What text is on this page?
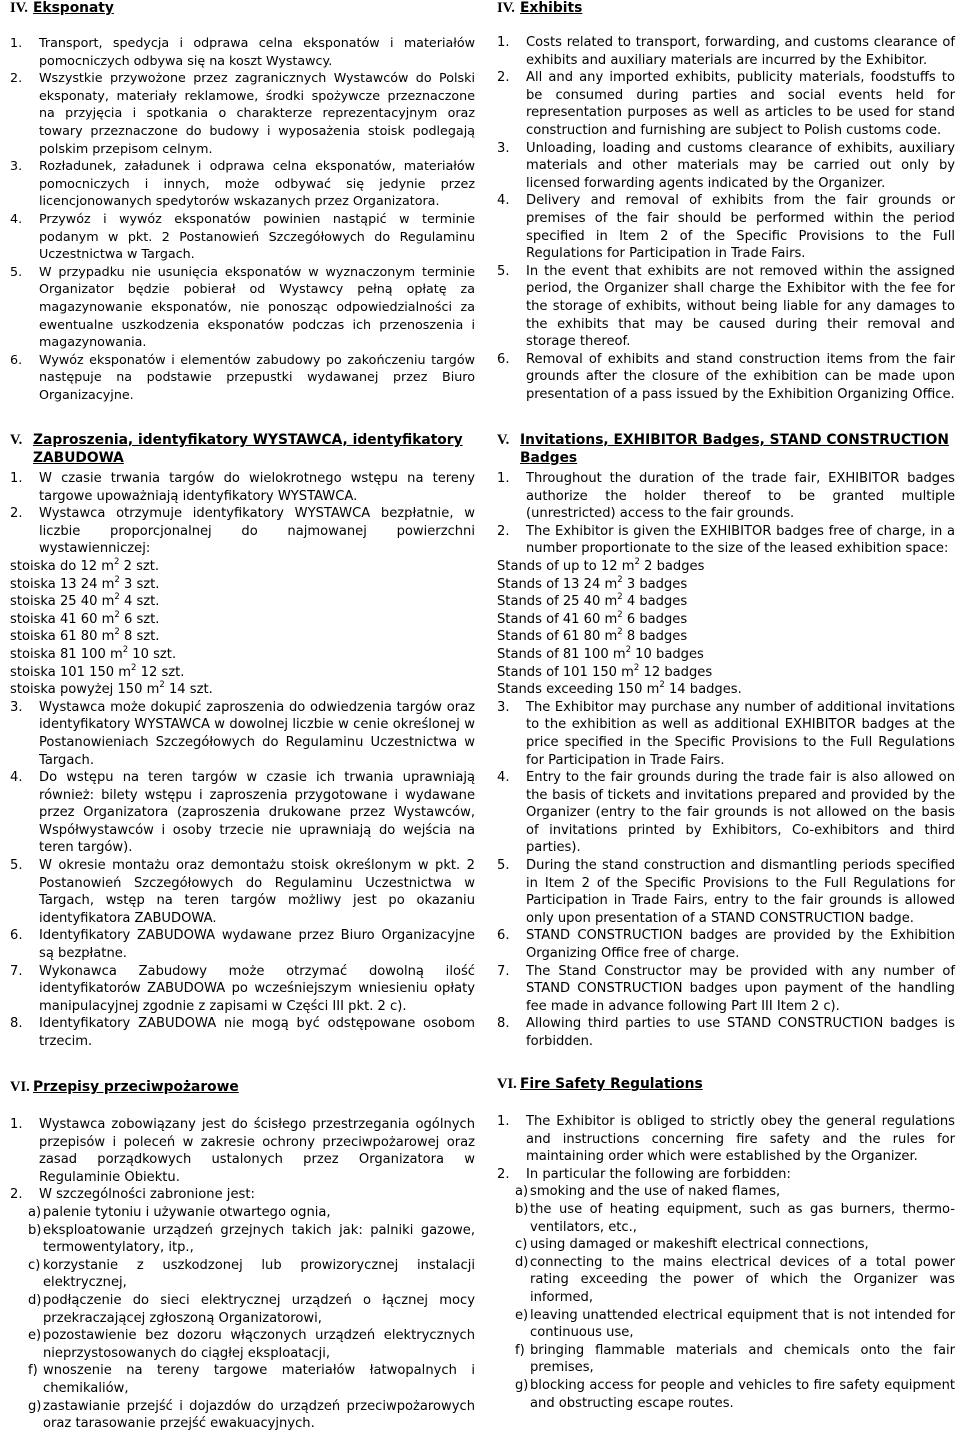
IV. Eksponaty
1. Transport, spedycja i odprawa celna eksponatów i materiałów pomocniczych odbywa się na koszt Wystawcy.
2. Wszystkie przywożone przez zagranicznych Wystawców do Polski eksponaty, materiały reklamowe, środki spożywcze przeznaczone na przyjęcia i spotkania o charakterze reprezentacyjnym oraz towary przeznaczone do budowy i wyposażenia stoisk podlegają polskim przepisom celnym.
3. Rozładunek, załadunek i odprawa celna eksponatów, materiałów pomocniczych i innych, może odbywać się jedynie przez licencjonowanych spedytorów wskazanych przez Organizatora.
4. Przywóz i wywóz eksponatów powinien nastąpić w terminie podanym w pkt. 2 Postanowień Szczegółowych do Regulaminu Uczestnictwa w Targach.
5. W przypadku nie usunięcia eksponatów w wyznaczonym terminie Organizator będzie pobierał od Wystawcy pełną opłatę za magazynowanie eksponatów, nie ponosząc odpowiedzialności za ewentualne uszkodzenia eksponatów podczas ich przenoszenia i magazynowania.
6. Wywóz eksponatów i elementów zabudowy po zakończeniu targów następuje na podstawie przepustki wydawanej przez Biuro Organizacyjne.
V. Zaproszenia, identyfikatory WYSTAWCA, identyfikatory ZABUDOWA
1. W czasie trwania targów do wielokrotnego wstępu na tereny targowe upoważniają identyfikatory WYSTAWCA.
2. Wystawca otrzymuje identyfikatory WYSTAWCA bezpłatnie, w liczbie proporcjonalnej do najmowanej powierzchni wystawienniczej:
stoiska do 12 $m^2$ 2 szt.
stoiska 13 24 $m^2$ 3 szt.
stoiska 25 40 $m^2$ 4 szt.
stoiska 41 60 $m^2$ 6 szt.
stoiska 61 80 $m^2$ 8 szt.
stoiska 81 100 $m^2$ 10 szt.
stoiska 101 150 $m^2$ 12 szt.
stoiska powyżej 150 $m^2$ 14 szt.
3. Wystawca może dokupić zaproszenia do odwiedzenia targów oraz identyfikatory WYSTAWCA w dowolnej liczbie w cenie określonej w Postanowieniach Szczegółowych do Regulaminu Uczestnictwa w Targach.
4. Do wstępu na teren targów w czasie ich trwania uprawniają również: bilety wstępu i zaproszenia przygotowane i wydawane przez Organizatora (zaproszenia drukowane przez Wystawców, Współwystawców i osoby trzecie nie uprawniają do wejścia na teren targów).
5. W okresie montażu oraz demontażu stoisk określonym w pkt. 2 Postanowień Szczegółowych do Regulaminu Uczestnictwa w Targach, wstęp na teren targów możliwy jest po okazaniu identyfikatora ZABUDOWA.
6. Identyfikatory ZABUDOWA wydawane przez Biuro Organizacyjne są bezpłatne.
7. Wykonawca Zabudowy może otrzymać dowolną ilość identyfikatorów ZABUDOWA po wcześniejszym wniesieniu opłaty manipulacyjnej zgodnie z zapisami w Części III pkt. 2 c).
8. Identyfikatory ZABUDOWA nie mogą być odstępowane osobom trzecim.
VI. Przepisy przeciwpożarowe
1. Wystawca zobowiązany jest do ścisłego przestrzegania ogólnych przepisów i poleceń w zakresie ochrony przeciwpożarowej oraz zasad porządkowych ustalonych przez Organizatora w Regulaminie Obiektu.
2. W szczególności zabronione jest:
a) palenie tytoniu i używanie otwartego ognia,
b) eksploatowanie urządzeń grzejnych takich jak: palniki gazowe, termowentylatory, itp.,
c) korzystanie z uszkodzonej lub prowizorycznej instalacji elektrycznej,
d) podłączenie do sieci elektrycznej urządzeń o łącznej mocy przekraczającej zgłoszoną Organizatorowi,
e) pozostawienie bez dozoru włączonych urządzeń elektrycznych nieprzystosowanych do ciągłej eksploatacji,
f) wnoszenie na tereny targowe materiałów łatwopalnych i chemikaliów,
g) zastawianie przejść i dojazdów do urządzeń przeciwpożarowych oraz tarasowanie przejść ewakuacyjnych.
IV. Exhibits
1. Costs related to transport, forwarding, and customs clearance of exhibits and auxiliary materials are incurred by the Exhibitor.
2. All and any imported exhibits, publicity materials, foodstuffs to be consumed during parties and social events held for representation purposes as well as articles to be used for stand construction and furnishing are subject to Polish customs code.
3. Unloading, loading and customs clearance of exhibits, auxiliary materials and other materials may be carried out only by licensed forwarding agents indicated by the Organizer.
4. Delivery and removal of exhibits from the fair grounds or premises of the fair should be performed within the period specified in Item 2 of the Specific Provisions to the Full Regulations for Participation in Trade Fairs.
5. In the event that exhibits are not removed within the assigned period, the Organizer shall charge the Exhibitor with the fee for the storage of exhibits, without being liable for any damages to the exhibits that may be caused during their removal and storage thereof.
6. Removal of exhibits and stand construction items from the fair grounds after the closure of the exhibition can be made upon presentation of a pass issued by the Exhibition Organizing Office.
V. Invitations, EXHIBITOR Badges, STAND CONSTRUCTION Badges
1. Throughout the duration of the trade fair, EXHIBITOR badges authorize the holder thereof to be granted multiple (unrestricted) access to the fair grounds.
2. The Exhibitor is given the EXHIBITOR badges free of charge, in a number proportionate to the size of the leased exhibition space:
Stands of up to 12 $m^2$ 2 badges
Stands of 13 24 $m^2$ 3 badges
Stands of 25 40 $m^2$ 4 badges
Stands of 41 60 $m^2$ 6 badges
Stands of 61 80 $m^2$ 8 badges
Stands of 81 100 $m^2$ 10 badges
Stands of 101 150 $m^2$ 12 badges
Stands exceeding 150 $m^2$ 14 badges.
3. The Exhibitor may purchase any number of additional invitations to the exhibition as well as additional EXHIBITOR badges at the price specified in the Specific Provisions to the Full Regulations for Participation in Trade Fairs.
4. Entry to the fair grounds during the trade fair is also allowed on the basis of tickets and invitations prepared and provided by the Organizer (entry to the fair grounds is not allowed on the basis of invitations printed by Exhibitors, Co-exhibitors and third parties).
5. During the stand construction and dismantling periods specified in Item 2 of the Specific Provisions to the Full Regulations for Participation in Trade Fairs, entry to the fair grounds is allowed only upon presentation of a STAND CONSTRUCTION badge.
6. STAND CONSTRUCTION badges are provided by the Exhibition Organizing Office free of charge.
7. The Stand Constructor may be provided with any number of STAND CONSTRUCTION badges upon payment of the handling fee made in advance following Part III Item 2 c).
8. Allowing third parties to use STAND CONSTRUCTION badges is forbidden.
VI. Fire Safety Regulations
1. The Exhibitor is obliged to strictly obey the general regulations and instructions concerning fire safety and the rules for maintaining order which were established by the Organizer.
2. In particular the following are forbidden:
a) smoking and the use of naked flames,
b) the use of heating equipment, such as gas burners, thermo-ventilators, etc.,
c) using damaged or makeshift electrical connections,
d) connecting to the mains electrical devices of a total power rating exceeding the power of which the Organizer was informed,
e) leaving unattended electrical equipment that is not intended for continuous use,
f) bringing flammable materials and chemicals onto the fair premises,
g) blocking access for people and vehicles to fire safety equipment and obstructing escape routes.
